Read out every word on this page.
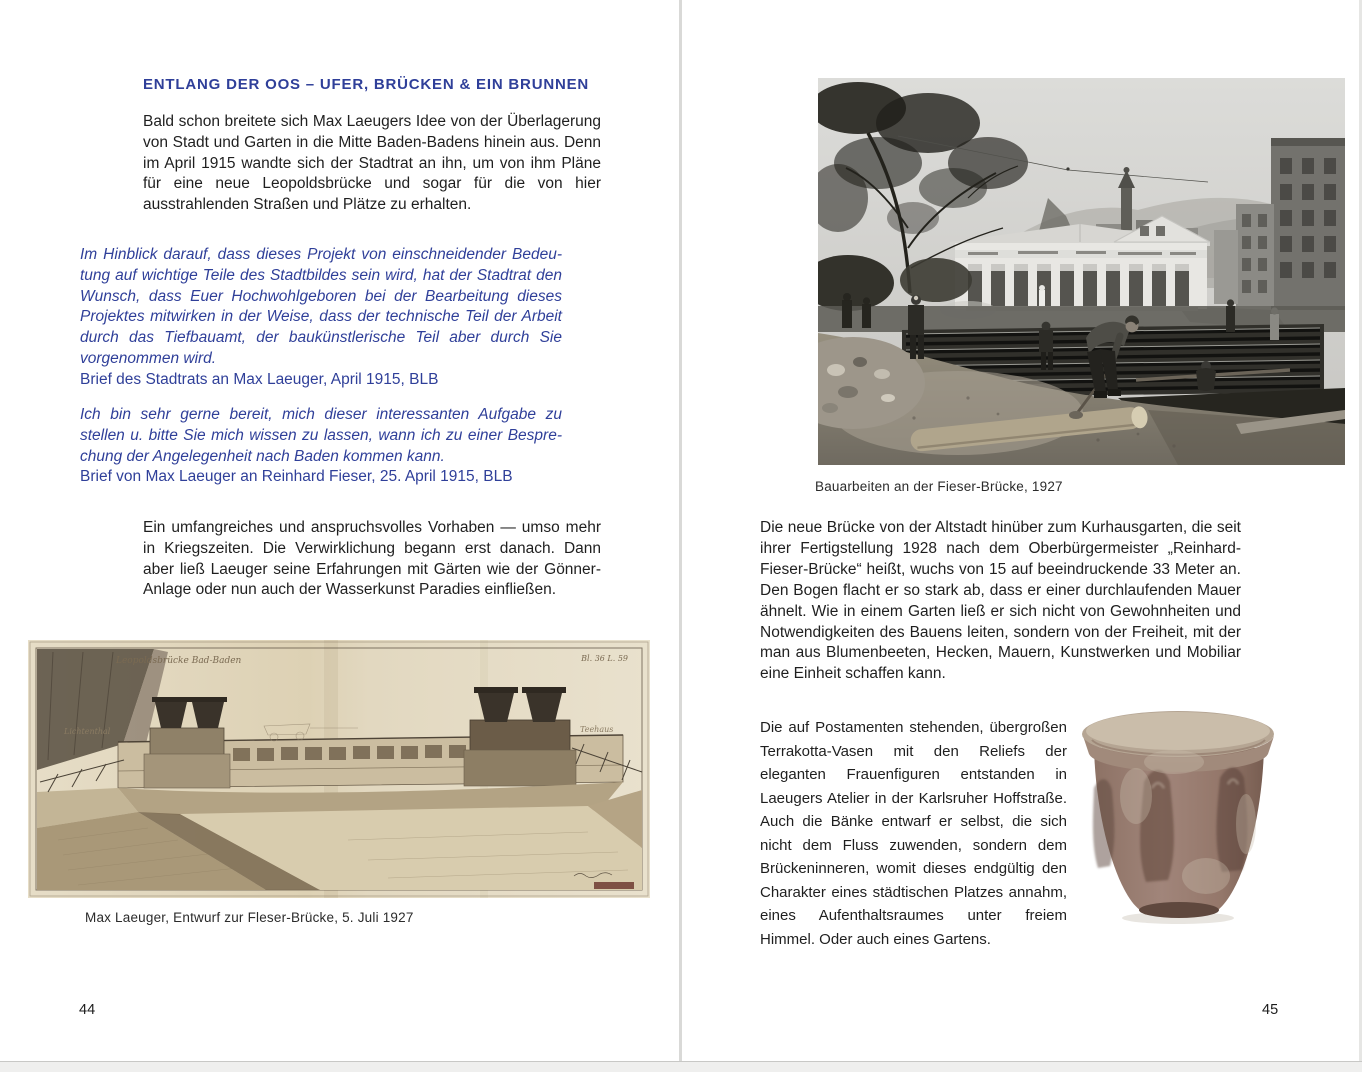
ENTLANG DER OOS – UFER, BRÜCKEN & EIN BRUNNEN
Bald schon breitete sich Max Laeugers Idee von der Überlagerung von Stadt und Garten in die Mitte Baden-Badens hinein aus. Denn im April 1915 wandte sich der Stadtrat an ihn, um von ihm Pläne für eine neue Leopoldsbrücke und sogar für die von hier ausstrahlenden Straßen und Plätze zu erhalten.
Im Hinblick darauf, dass dieses Projekt von einschneidender Bedeutung auf wichtige Teile des Stadtbildes sein wird, hat der Stadtrat den Wunsch, dass Euer Hochwohlgeboren bei der Bearbeitung dieses Projektes mitwirken in der Weise, dass der technische Teil der Arbeit durch das Tiefbauamt, der baukünstlerische Teil aber durch Sie vorgenommen wird.
Brief des Stadtrats an Max Laeuger, April 1915, BLB
Ich bin sehr gerne bereit, mich dieser interessanten Aufgabe zu stellen u. bitte Sie mich wissen zu lassen, wann ich zu einer Besprechung der Angelegenheit nach Baden kommen kann.
Brief von Max Laeuger an Reinhard Fieser, 25. April 1915, BLB
Ein umfangreiches und anspruchsvolles Vorhaben — umso mehr in Kriegszeiten. Die Verwirklichung begann erst danach. Dann aber ließ Laeuger seine Erfahrungen mit Gärten wie der Gönner-Anlage oder nun auch der Wasserkunst Paradies einfließen.
Leopoldsbrücke Bad-Baden	Bl. 36 L. 59
Lichtenthal	Teehaus
Max Laeuger, Entwurf zur Fleser-Brücke, 5. Juli 1927
44
Bauarbeiten an der Fieser-Brücke, 1927
Die neue Brücke von der Altstadt hinüber zum Kurhausgarten, die seit ihrer Fertigstellung 1928 nach dem Oberbürgermeister „Reinhard-Fieser-Brücke“ heißt, wuchs von 15 auf beeindruckende 33 Meter an. Den Bogen flacht er so stark ab, dass er einer durchlaufenden Mauer ähnelt. Wie in einem Garten ließ er sich nicht von Gewohnheiten und Notwendigkeiten des Bauens leiten, sondern von der Freiheit, mit der man aus Blumenbeeten, Hecken, Mauern, Kunstwerken und Mobiliar eine Einheit schaffen kann.
Die auf Postamenten stehenden, übergroßen Terrakotta-Vasen mit den Reliefs der eleganten Frauenfiguren entstanden in Laeugers Atelier in der Karlsruher Hoffstraße. Auch die Bänke entwarf er selbst, die sich nicht dem Fluss zuwenden, sondern dem Brückeninneren, womit dieses endgültig den Charakter eines städtischen Platzes annahm, eines Aufenthaltsraumes unter freiem Himmel. Oder auch eines Gartens.
45
